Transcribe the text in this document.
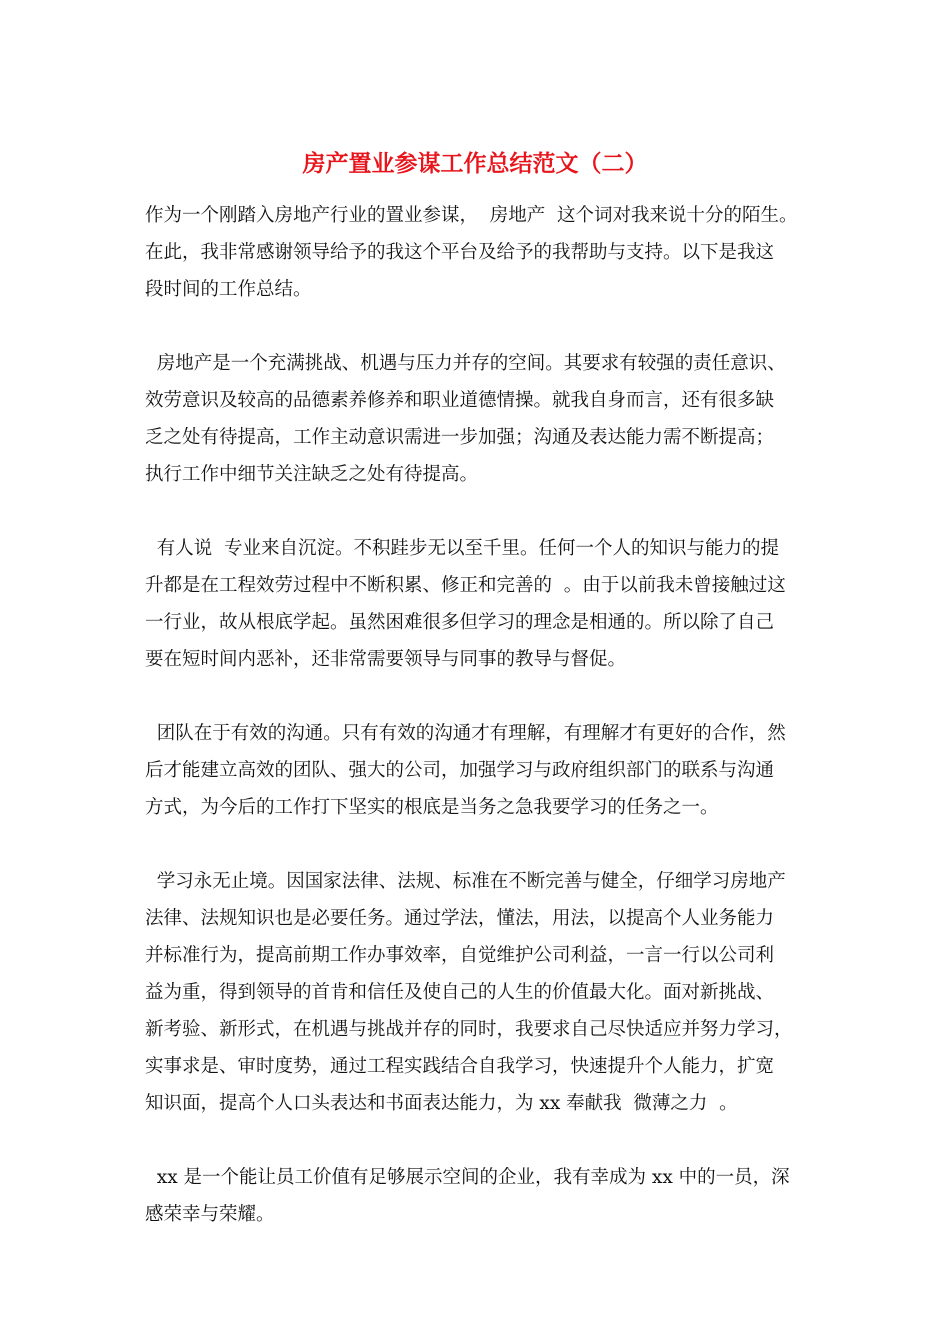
房产置业参谋工作总结范文（二）

作为一个刚踏入房地产行业的置业参谋，  房地产  这个词对我来说十分的陌生。
在此，我非常感谢领导给予的我这个平台及给予的我帮助与支持。以下是我这
段时间的工作总结。

房地产是一个充满挑战、机遇与压力并存的空间。其要求有较强的责任意识、
效劳意识及较高的品德素养修养和职业道德情操。就我自身而言，还有很多缺
乏之处有待提高，工作主动意识需进一步加强；沟通及表达能力需不断提高；
执行工作中细节关注缺乏之处有待提高。

有人说  专业来自沉淀。不积跬步无以至千里。任何一个人的知识与能力的提
升都是在工程效劳过程中不断积累、修正和完善的  。由于以前我未曾接触过这
一行业，故从根底学起。虽然困难很多但学习的理念是相通的。所以除了自己
要在短时间内恶补，还非常需要领导与同事的教导与督促。

团队在于有效的沟通。只有有效的沟通才有理解，有理解才有更好的合作，然
后才能建立高效的团队、强大的公司，加强学习与政府组织部门的联系与沟通
方式，为今后的工作打下坚实的根底是当务之急我要学习的任务之一。

学习永无止境。因国家法律、法规、标准在不断完善与健全，仔细学习房地产
法律、法规知识也是必要任务。通过学法，懂法，用法，以提高个人业务能力
并标准行为，提高前期工作办事效率，自觉维护公司利益，一言一行以公司利
益为重，得到领导的首肯和信任及使自己的人生的价值最大化。面对新挑战、
新考验、新形式，在机遇与挑战并存的同时，我要求自己尽快适应并努力学习，
实事求是、审时度势，通过工程实践结合自我学习，快速提升个人能力，扩宽
知识面，提高个人口头表达和书面表达能力，为 xx 奉献我  微薄之力  。

xx 是一个能让员工价值有足够展示空间的企业，我有幸成为 xx 中的一员，深
感荣幸与荣耀。
